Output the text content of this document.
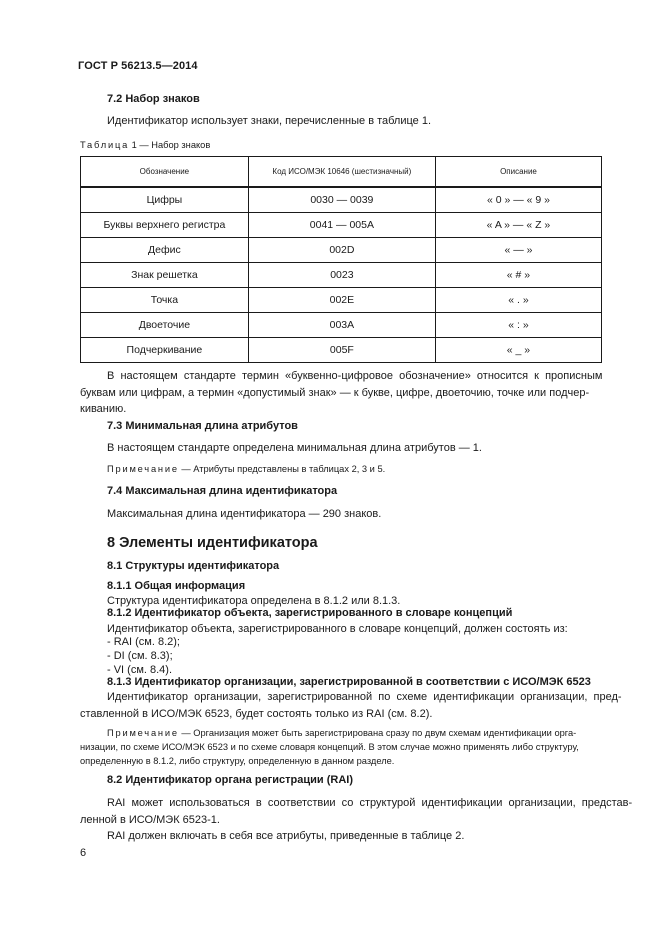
ГОСТ Р 56213.5—2014
7.2 Набор знаков
Идентификатор использует знаки, перечисленные в таблице 1.
Таблица 1 — Набор знаков
Обозначение	Код ИСО/МЭК 10646 (шестизначный)	Описание
Цифры	0030 — 0039	« 0 » — « 9 »
Буквы верхнего регистра	0041 — 005A	« A » — « Z »
Дефис	002D	« — »
Знак решетка	0023	« # »
Точка	002E	« . »
Двоеточие	003A	« : »
Подчеркивание	005F	« _ »
В  настоящем  стандарте  термин  «буквенно-цифровое  обозначение»  относится  к  прописным
буквам или цифрам, а термин «допустимый знак» — к букве, цифре, двоеточию, точке или подчер-
киванию.
7.3 Минимальная длина атрибутов
В настоящем стандарте определена минимальная длина атрибутов — 1.
Примечание — Атрибуты представлены в таблицах 2, 3 и 5.
7.4 Максимальная длина идентификатора
Максимальная длина идентификатора — 290 знаков.
8 Элементы идентификатора
8.1 Структуры идентификатора
8.1.1 Общая информация
Структура идентификатора определена в 8.1.2 или 8.1.3.
8.1.2 Идентификатор объекта, зарегистрированного в словаре концепций
Идентификатор объекта, зарегистрированного в словаре концепций, должен состоять из:
- RAI (см. 8.2);
- DI (см. 8.3);
- VI (см. 8.4).
8.1.3 Идентификатор организации, зарегистрированной в соответствии с ИСО/МЭК 6523
Идентификатор  организации,  зарегистрированной  по  схеме  идентификации  организации,  пред-
ставленной в ИСО/МЭК 6523, будет состоять только из RAI (см. 8.2).
Примечание — Организация может быть зарегистрирована сразу по двум схемам идентификации орга-
низации, по схеме ИСО/МЭК 6523 и по схеме словаря концепций. В этом случае можно применять либо структуру,
определенную в 8.1.2, либо структуру, определенную в данном разделе.
8.2 Идентификатор органа регистрации (RAI)
RAI  может  использоваться  в  соответствии  со  структурой  идентификации  организации,  представ-
ленной в ИСО/МЭК 6523-1.
RAI должен включать в себя все атрибуты, приведенные в таблице 2.
6
